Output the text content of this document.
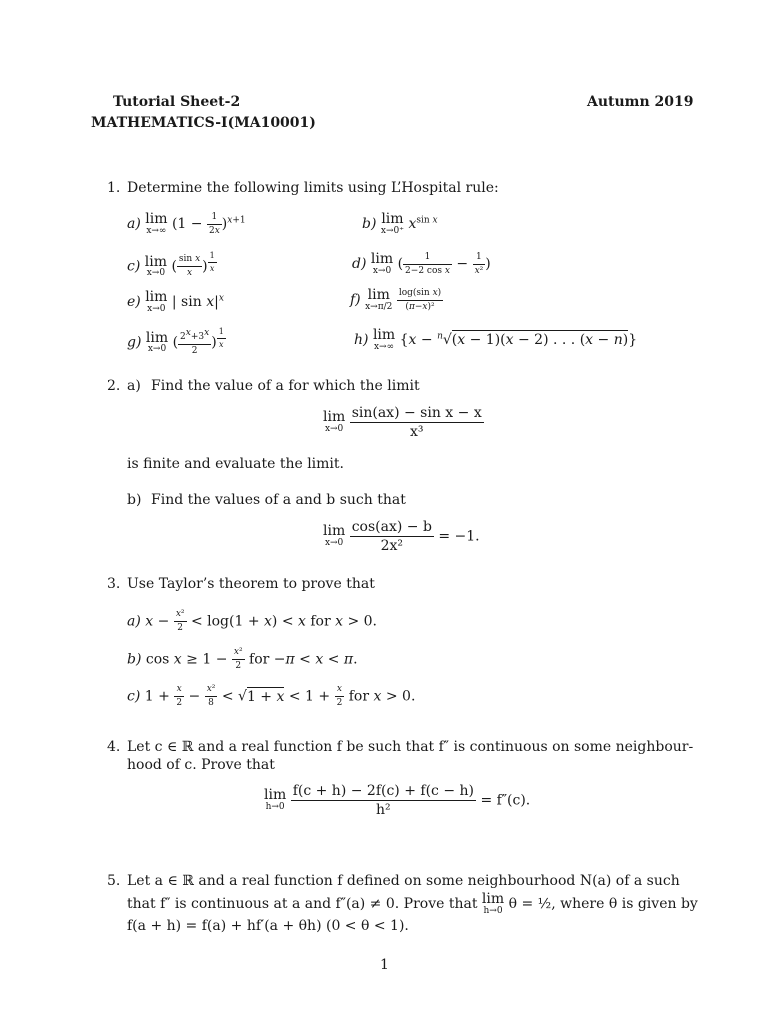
Tutorial Sheet-2	Autumn 2019
MATHEMATICS-I(MA10001)
1. Determine the following limits using L’Hospital rule:
a) lim
x→∞ $(1 - \frac{1}{2x} )^{x+1}$	b) lim
x→0⁺ $x^{sin x}$
c) lim
x→0 ( $\frac{\text{sin x}}{x}$ ) $^{\frac{1}{x}}$	d) lim
x→0 ( $\frac{1}{\text{2−2 cos x}} - \frac{1}{\text{x²}}$ )
e) lim
x→0 | $\sin x|^x$	f) lim
x→π/2
$\frac{\text{log(sin x)}}{\text{(π−x)²}}$
g) lim
x→0 ( $\frac{2^x+3^x}{2}$ ) $^{\frac{1}{x}}$	h) lim
x→∞ {x − $^n$√(x − 1)(x − 2) . . . (x − n)}
2. a) Find the value of a for which the limit
lim
x→0
$\frac{\text{sin(ax) − sin x − x}}{\text{x³}}$
is finite and evaluate the limit.
b) Find the values of a and b such that
lim
x→0
$\frac{\cos(ax) - b}{\text{2x²}} = -1$.
3. Use Taylor’s theorem to prove that
a) $x - \frac{\text{x²}}{2} < \log(1 + x) < x$ for x > 0.
b) $\cos x \ge 1 - \frac{\text{x²}}{2}$ for −π < x < π.
c) $1 + \frac{x}{2} - \frac{\text{x²}}{8} < √1 + x < 1 + \frac{x}{2}$ for x > 0.
4. Let c ∈ ℝ and a real function f be such that f″ is continuous on some neighbour-
hood of c. Prove that
lim
h→0
$\frac{f(c + h) - 2f(c) + f(c - h)}{\text{h²}} = f''(c)$.
5. Let a ∈ ℝ and a real function f defined on some neighbourhood N(a) of a such
that f″ is continuous at a and f″(a) ≠ 0. Prove that lim
h→0 θ = ½, where θ is given by
f(a + h) = f(a) + hf′(a + θh) (0 < θ < 1).
1
